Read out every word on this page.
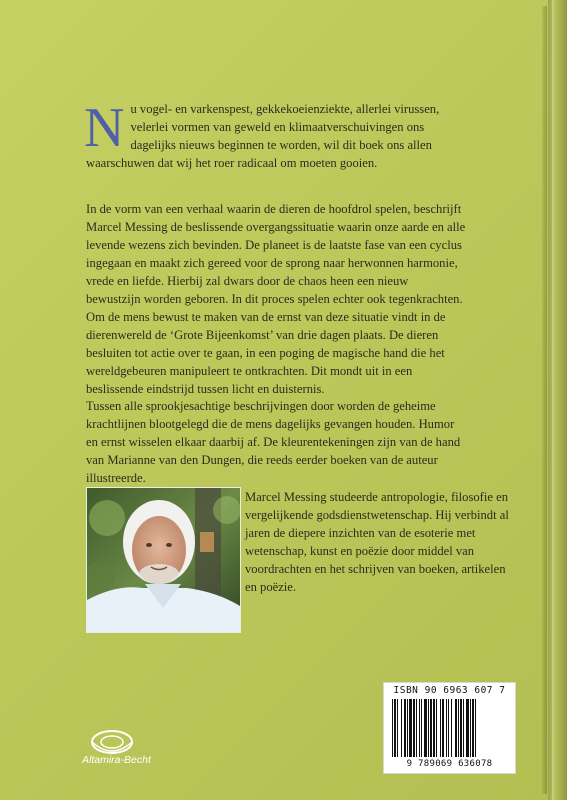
N u vogel- en varkenspest, gekkekoeienziekte, allerlei virussen, velerlei vormen van geweld en klimaatverschuivingen ons dagelijks nieuws beginnen te worden, wil dit boek ons allen waarschuwen dat wij het roer radicaal om moeten gooien.
In de vorm van een verhaal waarin de dieren de hoofdrol spelen, beschrijft Marcel Messing de beslissende overgangssituatie waarin onze aarde en alle levende wezens zich bevinden. De planeet is de laatste fase van een cyclus ingegaan en maakt zich gereed voor de sprong naar herwonnen harmonie, vrede en liefde. Hierbij zal dwars door de chaos heen een nieuw bewustzijn worden geboren. In dit proces spelen echter ook tegenkrachten. Om de mens bewust te maken van de ernst van deze situatie vindt in de dierenwereld de ‘Grote Bijeenkomst’ van drie dagen plaats. De dieren besluiten tot actie over te gaan, in een poging de magische hand die het wereldgebeuren manipuleert te ontkrachten. Dit mondt uit in een beslissende eindstrijd tussen licht en duisternis.
Tussen alle sprookjesachtige beschrijvingen door worden de geheime krachtlijnen blootgelegd die de mens dagelijks gevangen houden. Humor en ernst wisselen elkaar daarbij af. De kleurentekeningen zijn van de hand van Marianne van den Dungen, die reeds eerder boeken van de auteur illustreerde.
Marcel Messing studeerde antropologie, filosofie en vergelijkende godsdienstwetenschap. Hij verbindt al jaren de diepere inzichten van de esoterie met wetenschap, kunst en poëzie door middel van voordrachten en het schrijven van boeken, artikelen en poëzie.
ISBN 90 6963 607 7
9 789069 636078
Altamira-Becht
